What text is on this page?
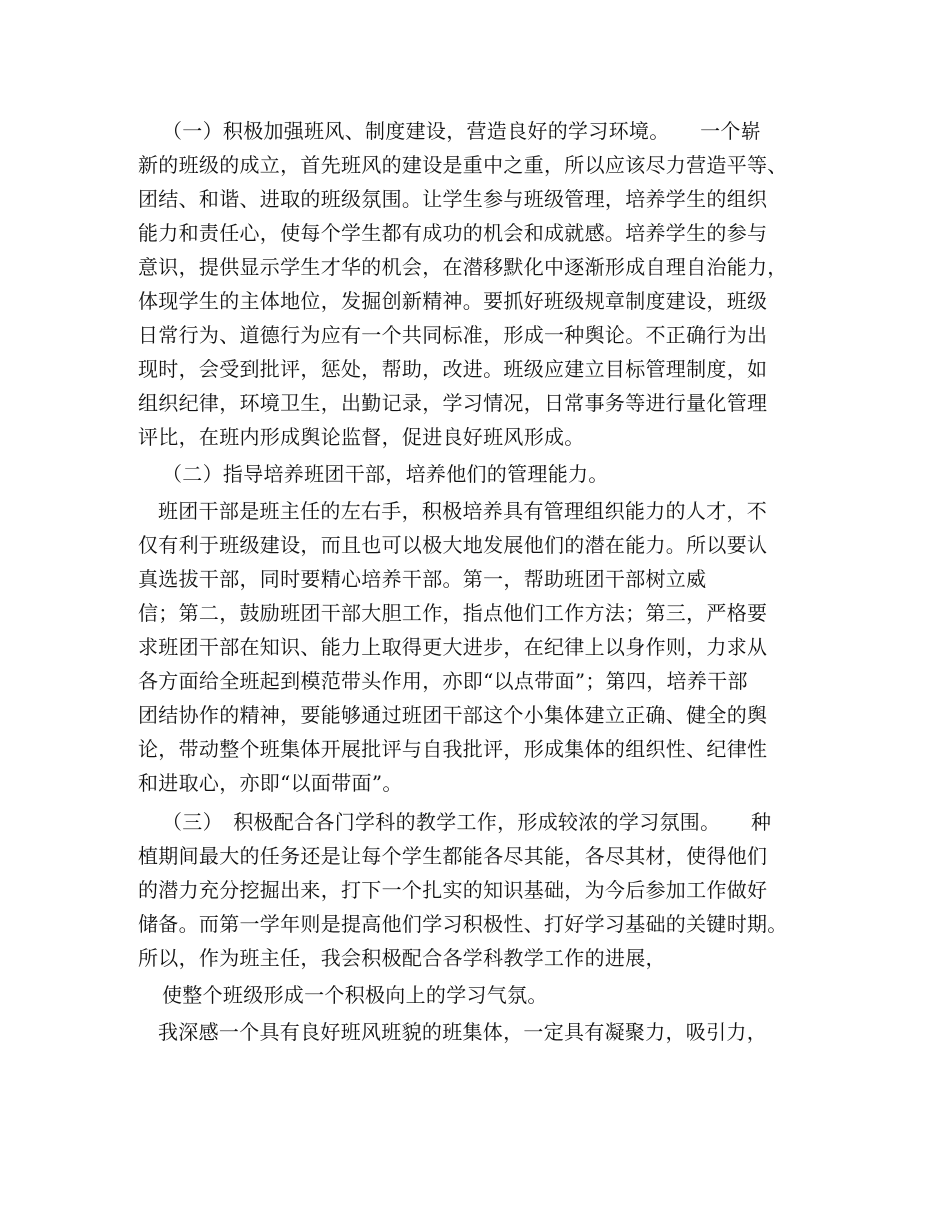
（一）积极加强班风、制度建设，营造良好的学习环境。　　一个崭
新的班级的成立，首先班风的建设是重中之重，所以应该尽力营造平等、
团结、和谐、进取的班级氛围。让学生参与班级管理，培养学生的组织
能力和责任心，使每个学生都有成功的机会和成就感。培养学生的参与
意识，提供显示学生才华的机会，在潜移默化中逐渐形成自理自治能力，
体现学生的主体地位，发掘创新精神。要抓好班级规章制度建设，班级
日常行为、道德行为应有一个共同标准，形成一种舆论。不正确行为出
现时，会受到批评，惩处，帮助，改进。班级应建立目标管理制度，如
组织纪律，环境卫生，出勤记录，学习情况，日常事务等进行量化管理
评比，在班内形成舆论监督，促进良好班风形成。
（二）指导培养班团干部，培养他们的管理能力。
班团干部是班主任的左右手，积极培养具有管理组织能力的人才，不
仅有利于班级建设，而且也可以极大地发展他们的潜在能力。所以要认
真选拔干部，同时要精心培养干部。第一，帮助班团干部树立威
信；第二，鼓励班团干部大胆工作，指点他们工作方法；第三，严格要
求班团干部在知识、能力上取得更大进步，在纪律上以身作则，力求从
各方面给全班起到模范带头作用，亦即“以点带面”；第四，培养干部
团结协作的精神，要能够通过班团干部这个小集体建立正确、健全的舆
论，带动整个班集体开展批评与自我批评，形成集体的组织性、纪律性
和进取心，亦即“以面带面”。
（三）　积极配合各门学科的教学工作，形成较浓的学习氛围。　　种
植期间最大的任务还是让每个学生都能各尽其能，各尽其材，使得他们
的潜力充分挖掘出来，打下一个扎实的知识基础，为今后参加工作做好
储备。而第一学年则是提高他们学习积极性、打好学习基础的关键时期。
所以，作为班主任，我会积极配合各学科教学工作的进展，
使整个班级形成一个积极向上的学习气氛。
我深感一个具有良好班风班貌的班集体，一定具有凝聚力，吸引力，
